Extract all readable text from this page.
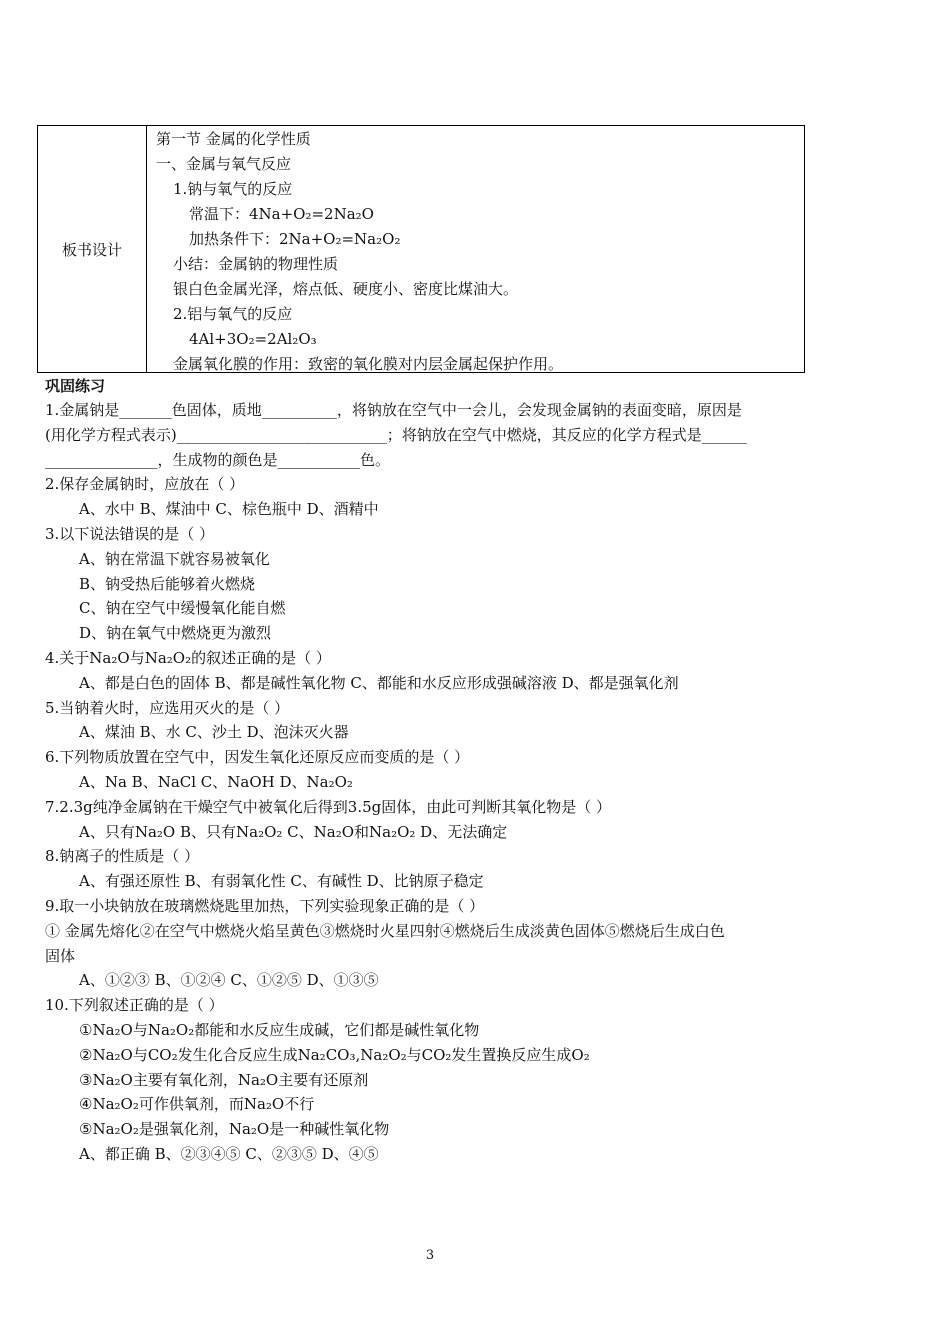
板书设计
第一节 金属的化学性质
一、金属与氧气反应
1.钠与氧气的反应
常温下：4Na+O₂=2Na₂O
加热条件下：2Na+O₂=Na₂O₂
小结：金属钠的物理性质
银白色金属光泽，熔点低、硬度小、密度比煤油大。
2.铝与氧气的反应
4Al+3O₂=2Al₂O₃
金属氧化膜的作用：致密的氧化膜对内层金属起保护作用。
巩固练习
1.金属钠是_______色固体，质地__________，将钠放在空气中一会儿，会发现金属钠的表面变暗，原因是
(用化学方程式表示)____________________________；将钠放在空气中燃烧，其反应的化学方程式是______
_______________，生成物的颜色是___________色。
2.保存金属钠时，应放在（ ）
A、水中 B、煤油中 C、棕色瓶中 D、酒精中
3.以下说法错误的是（ ）
A、钠在常温下就容易被氧化
B、钠受热后能够着火燃烧
C、钠在空气中缓慢氧化能自燃
D、钠在氧气中燃烧更为激烈
4.关于Na₂O与Na₂O₂的叙述正确的是（ ）
A、都是白色的固体 B、都是碱性氧化物 C、都能和水反应形成强碱溶液 D、都是强氧化剂
5.当钠着火时，应选用灭火的是（ ）
A、煤油 B、水 C、沙土 D、泡沫灭火器
6.下列物质放置在空气中，因发生氧化还原反应而变质的是（ ）
A、Na B、NaCl C、NaOH D、Na₂O₂
7.2.3g纯净金属钠在干燥空气中被氧化后得到3.5g固体，由此可判断其氧化物是（ ）
A、只有Na₂O B、只有Na₂O₂ C、Na₂O和Na₂O₂ D、无法确定
8.钠离子的性质是（ ）
A、有强还原性 B、有弱氧化性 C、有碱性 D、比钠原子稳定
9.取一小块钠放在玻璃燃烧匙里加热，下列实验现象正确的是（ ）
① 金属先熔化②在空气中燃烧火焰呈黄色③燃烧时火星四射④燃烧后生成淡黄色固体⑤燃烧后生成白色
固体
A、①②③ B、①②④ C、①②⑤ D、①③⑤
10.下列叙述正确的是（ ）
①Na₂O与Na₂O₂都能和水反应生成碱，它们都是碱性氧化物
②Na₂O与CO₂发生化合反应生成Na₂CO₃,Na₂O₂与CO₂发生置换反应生成O₂
③Na₂O主要有氧化剂，Na₂O主要有还原剂
④Na₂O₂可作供氧剂，而Na₂O不行
⑤Na₂O₂是强氧化剂，Na₂O是一种碱性氧化物
A、都正确 B、②③④⑤ C、②③⑤ D、④⑤
3
